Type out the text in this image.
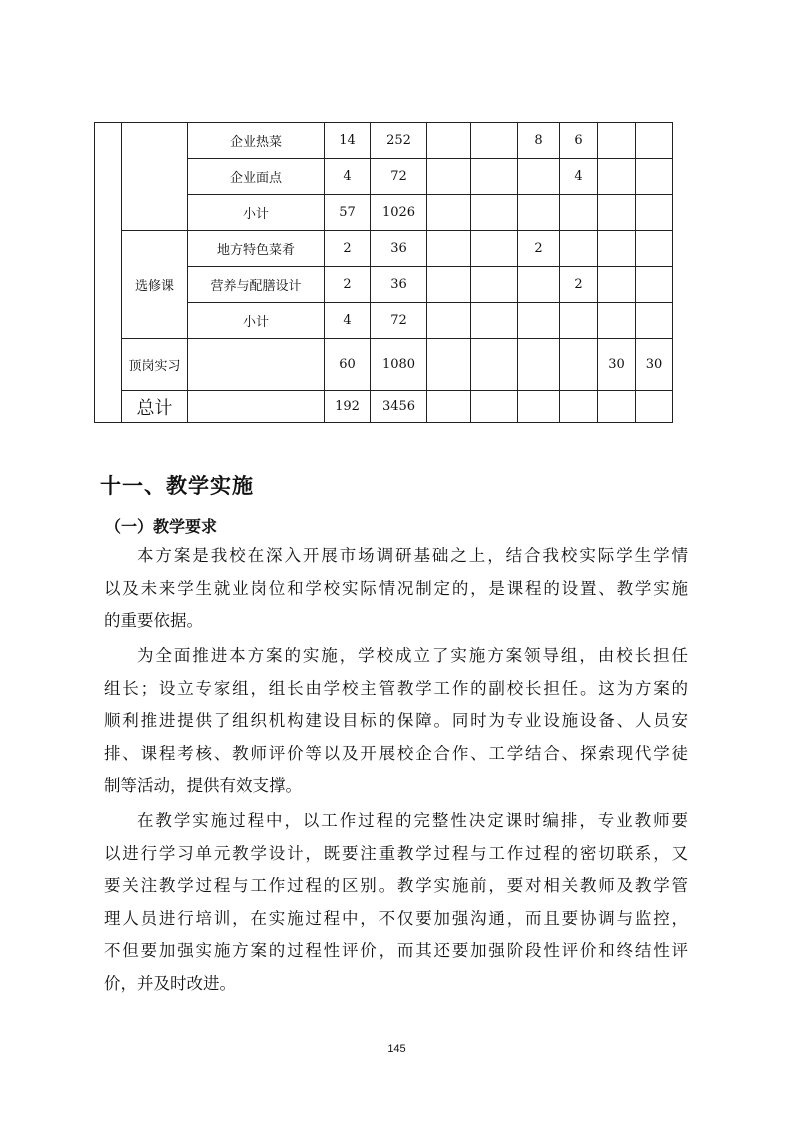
		企业热菜	14	252			8	6		
		企业面点	4	72				4		
		小计	57	1026						
	选修课	地方特色菜肴	2	36			2			
		营养与配膳设计	2	36				2		
		小计	4	72						
	顶岗实习		60	1080					30	30
	总计		192	3456						
十一、教学实施
（一）教学要求
本方案是我校在深入开展市场调研基础之上，结合我校实际学生学情
以及未来学生就业岗位和学校实际情况制定的，是课程的设置、教学实施
的重要依据。
为全面推进本方案的实施，学校成立了实施方案领导组，由校长担任
组长；设立专家组，组长由学校主管教学工作的副校长担任。这为方案的
顺利推进提供了组织机构建设目标的保障。同时为专业设施设备、人员安
排、课程考核、教师评价等以及开展校企合作、工学结合、探索现代学徒
制等活动，提供有效支撑。
在教学实施过程中，以工作过程的完整性决定课时编排，专业教师要
以进行学习单元教学设计，既要注重教学过程与工作过程的密切联系，又
要关注教学过程与工作过程的区别。教学实施前，要对相关教师及教学管
理人员进行培训，在实施过程中，不仅要加强沟通，而且要协调与监控，
不但要加强实施方案的过程性评价，而其还要加强阶段性评价和终结性评
价，并及时改进。
145
